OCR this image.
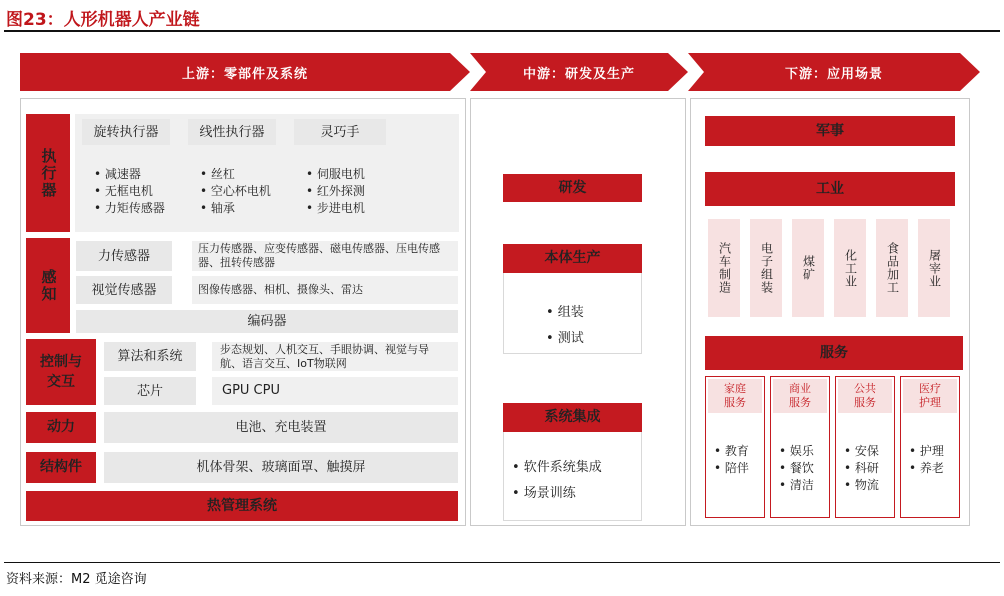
图23：人形机器人产业链
上游：零部件及系统	中游：研发及生产	下游：应用场景
执行器
旋转执行器	线性执行器	灵巧手
• 减速器
• 无框电机
• 力矩传感器
• 丝杠
• 空心杯电机
• 轴承
• 伺服电机
• 红外探测
• 步进电机
感知
力传感器	压力传感器、应变传感器、磁电传感器、压电传感器、扭转传感器
视觉传感器	图像传感器、相机、摄像头、雷达
编码器
控制与交互
算法和系统	步态规划、人机交互、手眼协调、视觉与导航、语言交互、IoT物联网
芯片	GPU CPU
动力	电池、充电装置
结构件	机体骨架、玻璃面罩、触摸屏
热管理系统
研发
本体生产
• 组装
• 测试
系统集成
• 软件系统集成
• 场景训练
军事
工业
汽车制造	电子组装	煤矿	化工业	食品加工	屠宰业
服务
家庭服务
• 教育
• 陪伴
商业服务
• 娱乐
• 餐饮
• 清洁
公共服务
• 安保
• 科研
• 物流
医疗护理
• 护理
• 养老
资料来源：M2 觅途咨询
